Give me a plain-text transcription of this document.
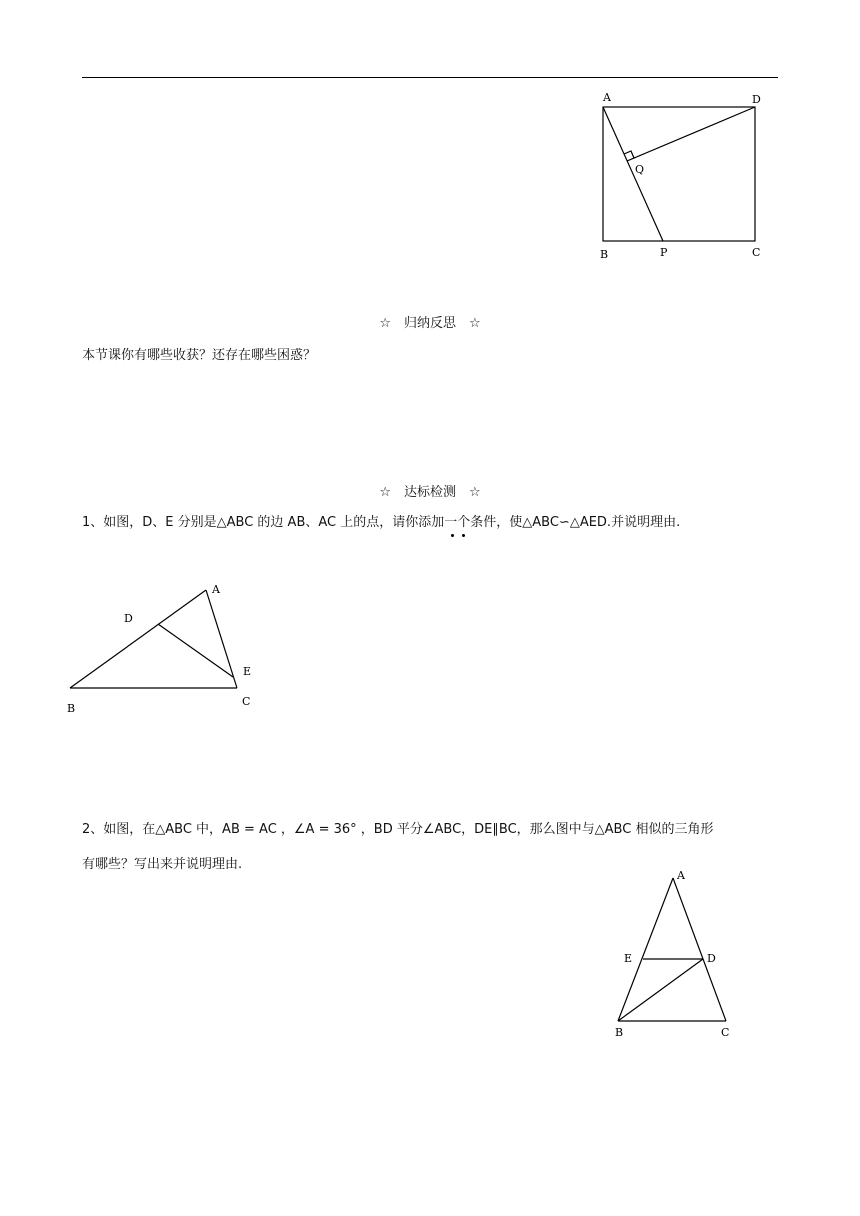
A	D
Q
B	P	C
☆　归纳反思　☆
本节课你有哪些收获？还存在哪些困惑？
☆　达标检测　☆
1、如图，D、E 分别是△ABC 的边 AB、AC 上的点，请你添加一个条件，使△ABC∽△AED.并说明理由.
A
D
E
B
C
2、如图，在△ABC 中，AB = AC ，∠A = 36° ，BD 平分∠ABC，DE∥BC，那么图中与△ABC 相似的三角形
有哪些？写出来并说明理由.
A
E	D
B	C
